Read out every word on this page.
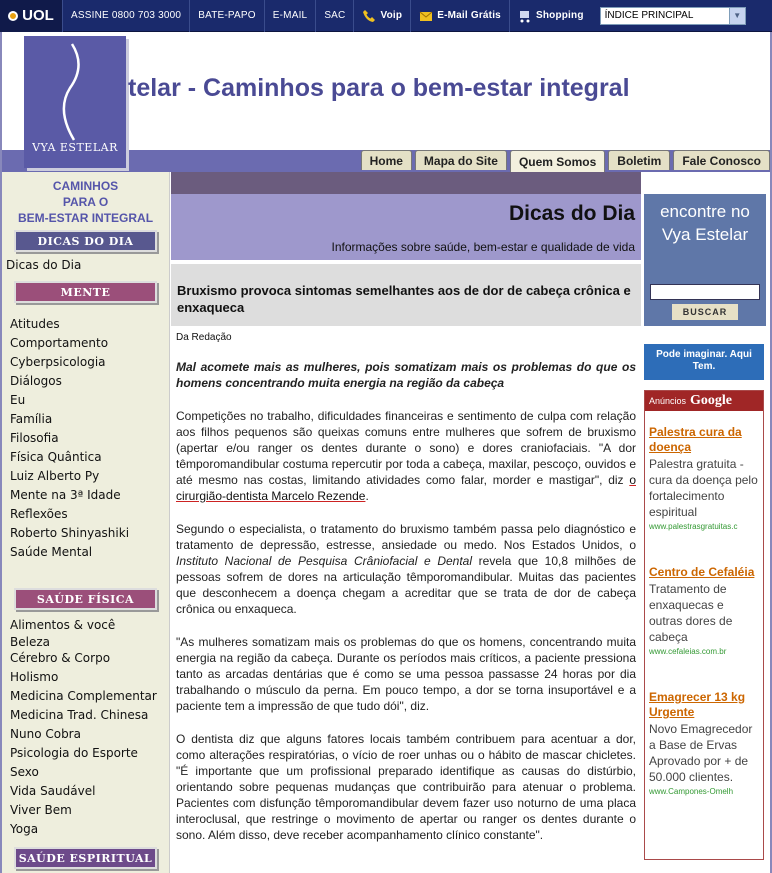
UOL	ASSINE 0800 703 3000	BATE-PAPO	E-MAIL	SAC	Voip	E-Mail Grátis	Shopping ÍNDICE PRINCIPAL	▼
VYA ESTELAR
telar - Caminhos para o bem-estar integral
Home	Mapa do Site	Quem Somos	Boletim	Fale Conosco
CAMINHOS
PARA O
BEM-ESTAR INTEGRAL
DICAS DO DIA
Dicas do Dia
MENTE
Atitudes
Comportamento
Cyberpsicologia
Diálogos
Eu
Família
Filosofia
Física Quântica
Luiz Alberto Py
Mente na 3ª Idade
Reflexões
Roberto Shinyashiki
Saúde Mental
SAÚDE FÍSICA
Alimentos & você
Beleza
Cérebro & Corpo
Holismo
Medicina Complementar
Medicina Trad. Chinesa
Nuno Cobra
Psicologia do Esporte
Sexo
Vida Saudável
Viver Bem
Yoga
SAÚDE ESPIRITUAL
Dicas do Dia
Informações sobre saúde, bem-estar e qualidade de vida
Bruxismo provoca sintomas semelhantes aos de dor de cabeça crônica e enxaqueca
Da Redação
Mal acomete mais as mulheres, pois somatizam mais os problemas do que os homens concentrando muita energia na região da cabeça

Competições no trabalho, dificuldades financeiras e sentimento de culpa com relação aos filhos pequenos são queixas comuns entre mulheres que sofrem de bruxismo (apertar e/ou ranger os dentes durante o sono) e dores craniofaciais. "A dor têmporomandibular costuma repercutir por toda a cabeça, maxilar, pescoço, ouvidos e até mesmo nas costas, limitando atividades como falar, morder e mastigar", diz o cirurgião-dentista Marcelo Rezende.

Segundo o especialista, o tratamento do bruxismo também passa pelo diagnóstico e tratamento de depressão, estresse, ansiedade ou medo. Nos Estados Unidos, o Instituto Nacional de Pesquisa Crâniofacial e Dental revela que 10,8 milhões de pessoas sofrem de dores na articulação têmporomandibular. Muitas das pacientes que desconhecem a doença chegam a acreditar que se trata de dor de cabeça crônica ou enxaqueca.

"As mulheres somatizam mais os problemas do que os homens, concentrando muita energia na região da cabeça. Durante os períodos mais críticos, a paciente pressiona tanto as arcadas dentárias que é como se uma pessoa passasse 24 horas por dia trabalhando o músculo da perna. Em pouco tempo, a dor se torna insuportável e a paciente tem a impressão de que tudo dói", diz.

O dentista diz que alguns fatores locais também contribuem para acentuar a dor, como alterações respiratórias, o vício de roer unhas ou o hábito de mascar chicletes. "É importante que um profissional preparado identifique as causas do distúrbio, orientando sobre pequenas mudanças que contribuirão para atenuar o problema. Pacientes com disfunção têmporomandibular devem fazer uso noturno de uma placa interoclusal, que restringe o movimento de apertar ou ranger os dentes durante o sono. Além disso, deve receber acompanhamento clínico constante".

encontre no Vya Estelar
BUSCAR
Pode imaginar. Aqui Tem.
Anúncios Google
Palestra cura da doença
Palestra gratuita - cura da doença pelo fortalecimento espiritual
www.palestrasgratuitas.c
Centro de Cefaléia
Tratamento de enxaquecas e outras dores de cabeça
www.cefaleias.com.br
Emagrecer 13 kg Urgente
Novo Emagrecedor a Base de Ervas Aprovado por + de 50.000 clientes.
www.Campones-Omelh
